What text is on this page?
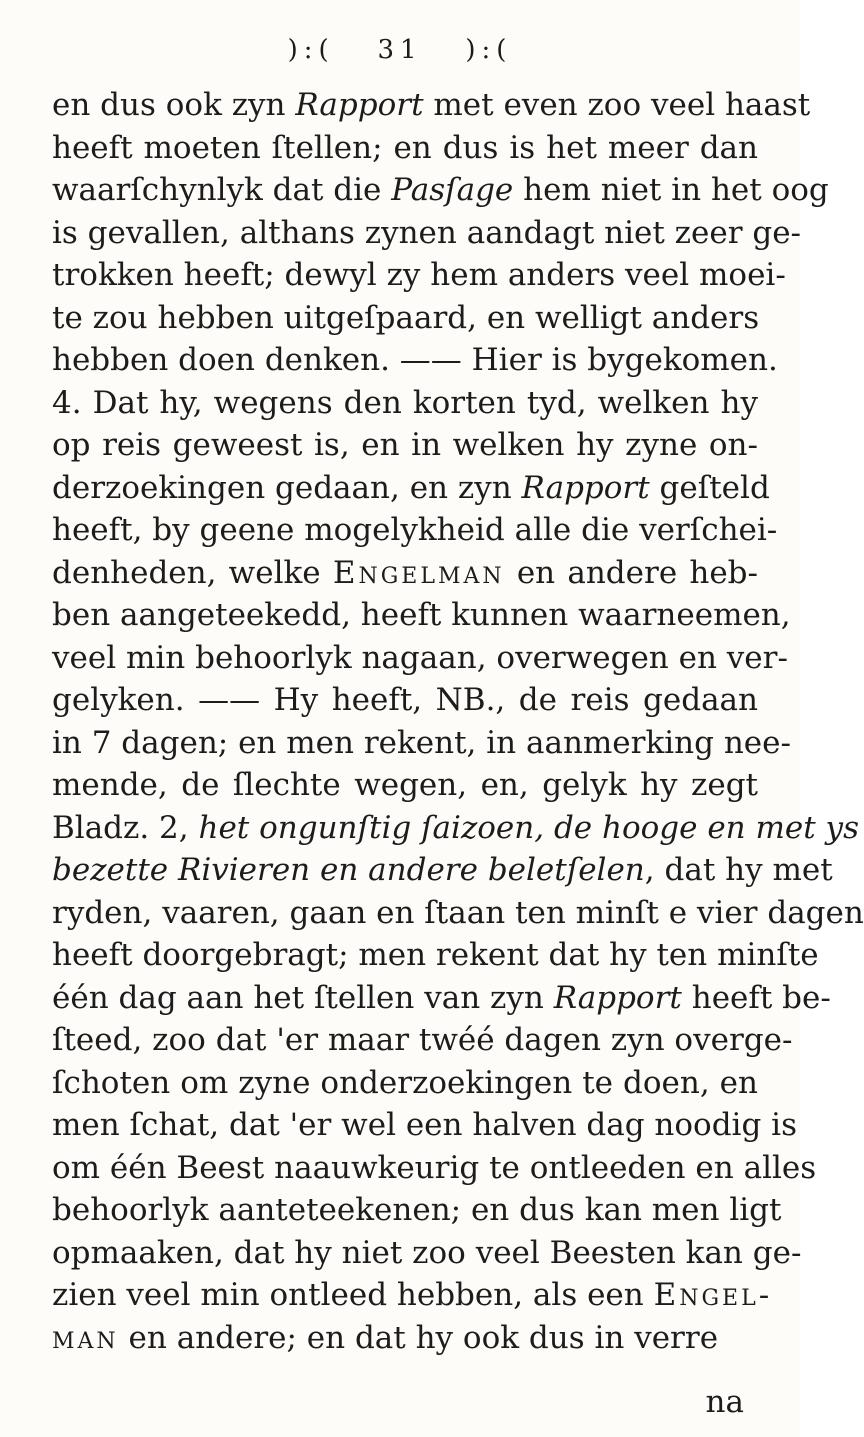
):( 31 ):(
en dus ook zyn Rapport met even zoo veel haast
heeft moeten ſtellen; en dus is het meer dan
waarſchynlyk dat die Pasſage hem niet in het oog
is gevallen, althans zynen aandagt niet zeer ge-
trokken heeft; dewyl zy hem anders veel moei-
te zou hebben uitgeſpaard, en welligt anders
hebben doen denken. —— Hier is bygekomen.
4. Dat hy, wegens den korten tyd, welken hy
op reis geweest is, en in welken hy zyne on-
derzoekingen gedaan, en zyn Rapport geſteld
heeft, by geene mogelykheid alle die verſchei-
denheden, welke Engelman en andere heb-
ben aangeteekedd, heeft kunnen waarneemen,
veel min behoorlyk nagaan, overwegen en ver-
gelyken. —— Hy heeft, NB., de reis gedaan
in 7 dagen; en men rekent, in aanmerking nee-
mende, de ſlechte wegen, en, gelyk hy zegt
Bladz. 2, het ongunſtig ſaizoen, de hooge en met ys
bezette Rivieren en andere beletſelen, dat hy met
ryden, vaaren, gaan en ſtaan ten minſt e vier dagen
heeft doorgebragt; men rekent dat hy ten minſte
één dag aan het ſtellen van zyn Rapport heeft be-
ſteed, zoo dat 'er maar twéé dagen zyn overge-
ſchoten om zyne onderzoekingen te doen, en
men ſchat, dat 'er wel een halven dag noodig is
om één Beest naauwkeurig te ontleeden en alles
behoorlyk aanteteekenen; en dus kan men ligt
opmaaken, dat hy niet zoo veel Beesten kan ge-
zien veel min ontleed hebben, als een Engel-
man en andere; en dat hy ook dus in verre
na
